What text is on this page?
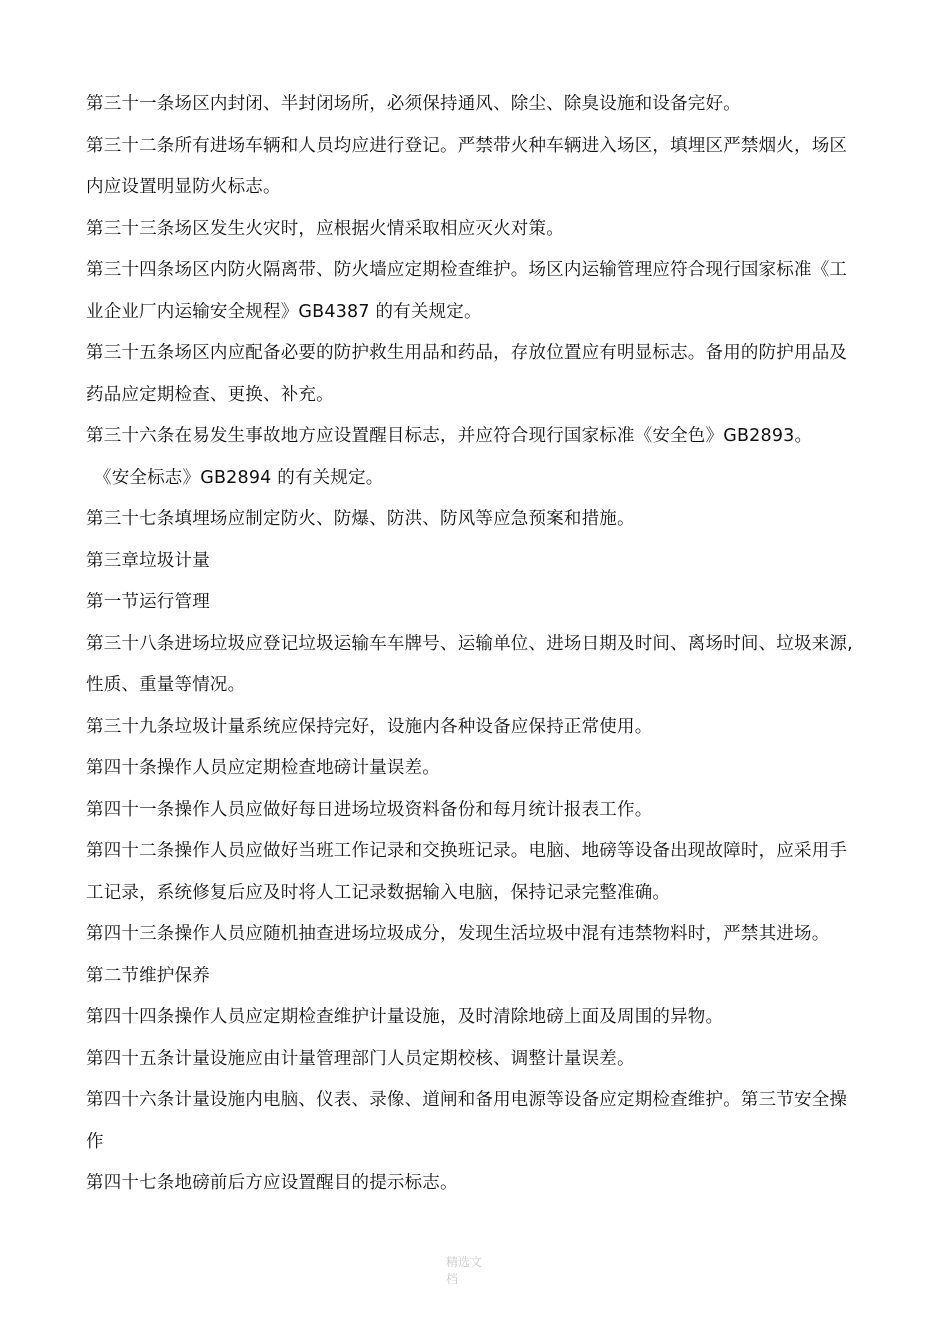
第三十一条场区内封闭、半封闭场所，必须保持通风、除尘、除臭设施和设备完好。
第三十二条所有进场车辆和人员均应进行登记。严禁带火种车辆进入场区，填埋区严禁烟火，场区
内应设置明显防火标志。
第三十三条场区发生火灾时，应根据火情采取相应灭火对策。
第三十四条场区内防火隔离带、防火墙应定期检查维护。场区内运输管理应符合现行国家标准《工
业企业厂内运输安全规程》GB4387 的有关规定。
第三十五条场区内应配备必要的防护救生用品和药品，存放位置应有明显标志。备用的防护用品及
药品应定期检查、更换、补充。
第三十六条在易发生事故地方应设置醒目标志，并应符合现行国家标准《安全色》GB2893。
《安全标志》GB2894 的有关规定。
第三十七条填埋场应制定防火、防爆、防洪、防风等应急预案和措施。
第三章垃圾计量
第一节运行管理
第三十八条进场垃圾应登记垃圾运输车车牌号、运输单位、进场日期及时间、离场时间、垃圾来源,
性质、重量等情况。
第三十九条垃圾计量系统应保持完好，设施内各种设备应保持正常使用。
第四十条操作人员应定期检查地磅计量误差。
第四十一条操作人员应做好每日进场垃圾资料备份和每月统计报表工作。
第四十二条操作人员应做好当班工作记录和交换班记录。电脑、地磅等设备出现故障时，应采用手
工记录，系统修复后应及时将人工记录数据输入电脑，保持记录完整准确。
第四十三条操作人员应随机抽查进场垃圾成分，发现生活垃圾中混有违禁物料时，严禁其进场。
第二节维护保养
第四十四条操作人员应定期检查维护计量设施，及时清除地磅上面及周围的异物。
第四十五条计量设施应由计量管理部门人员定期校核、调整计量误差。
第四十六条计量设施内电脑、仪表、录像、道闸和备用电源等设备应定期检查维护。第三节安全操
作
第四十七条地磅前后方应设置醒目的提示标志。
精选文
档
